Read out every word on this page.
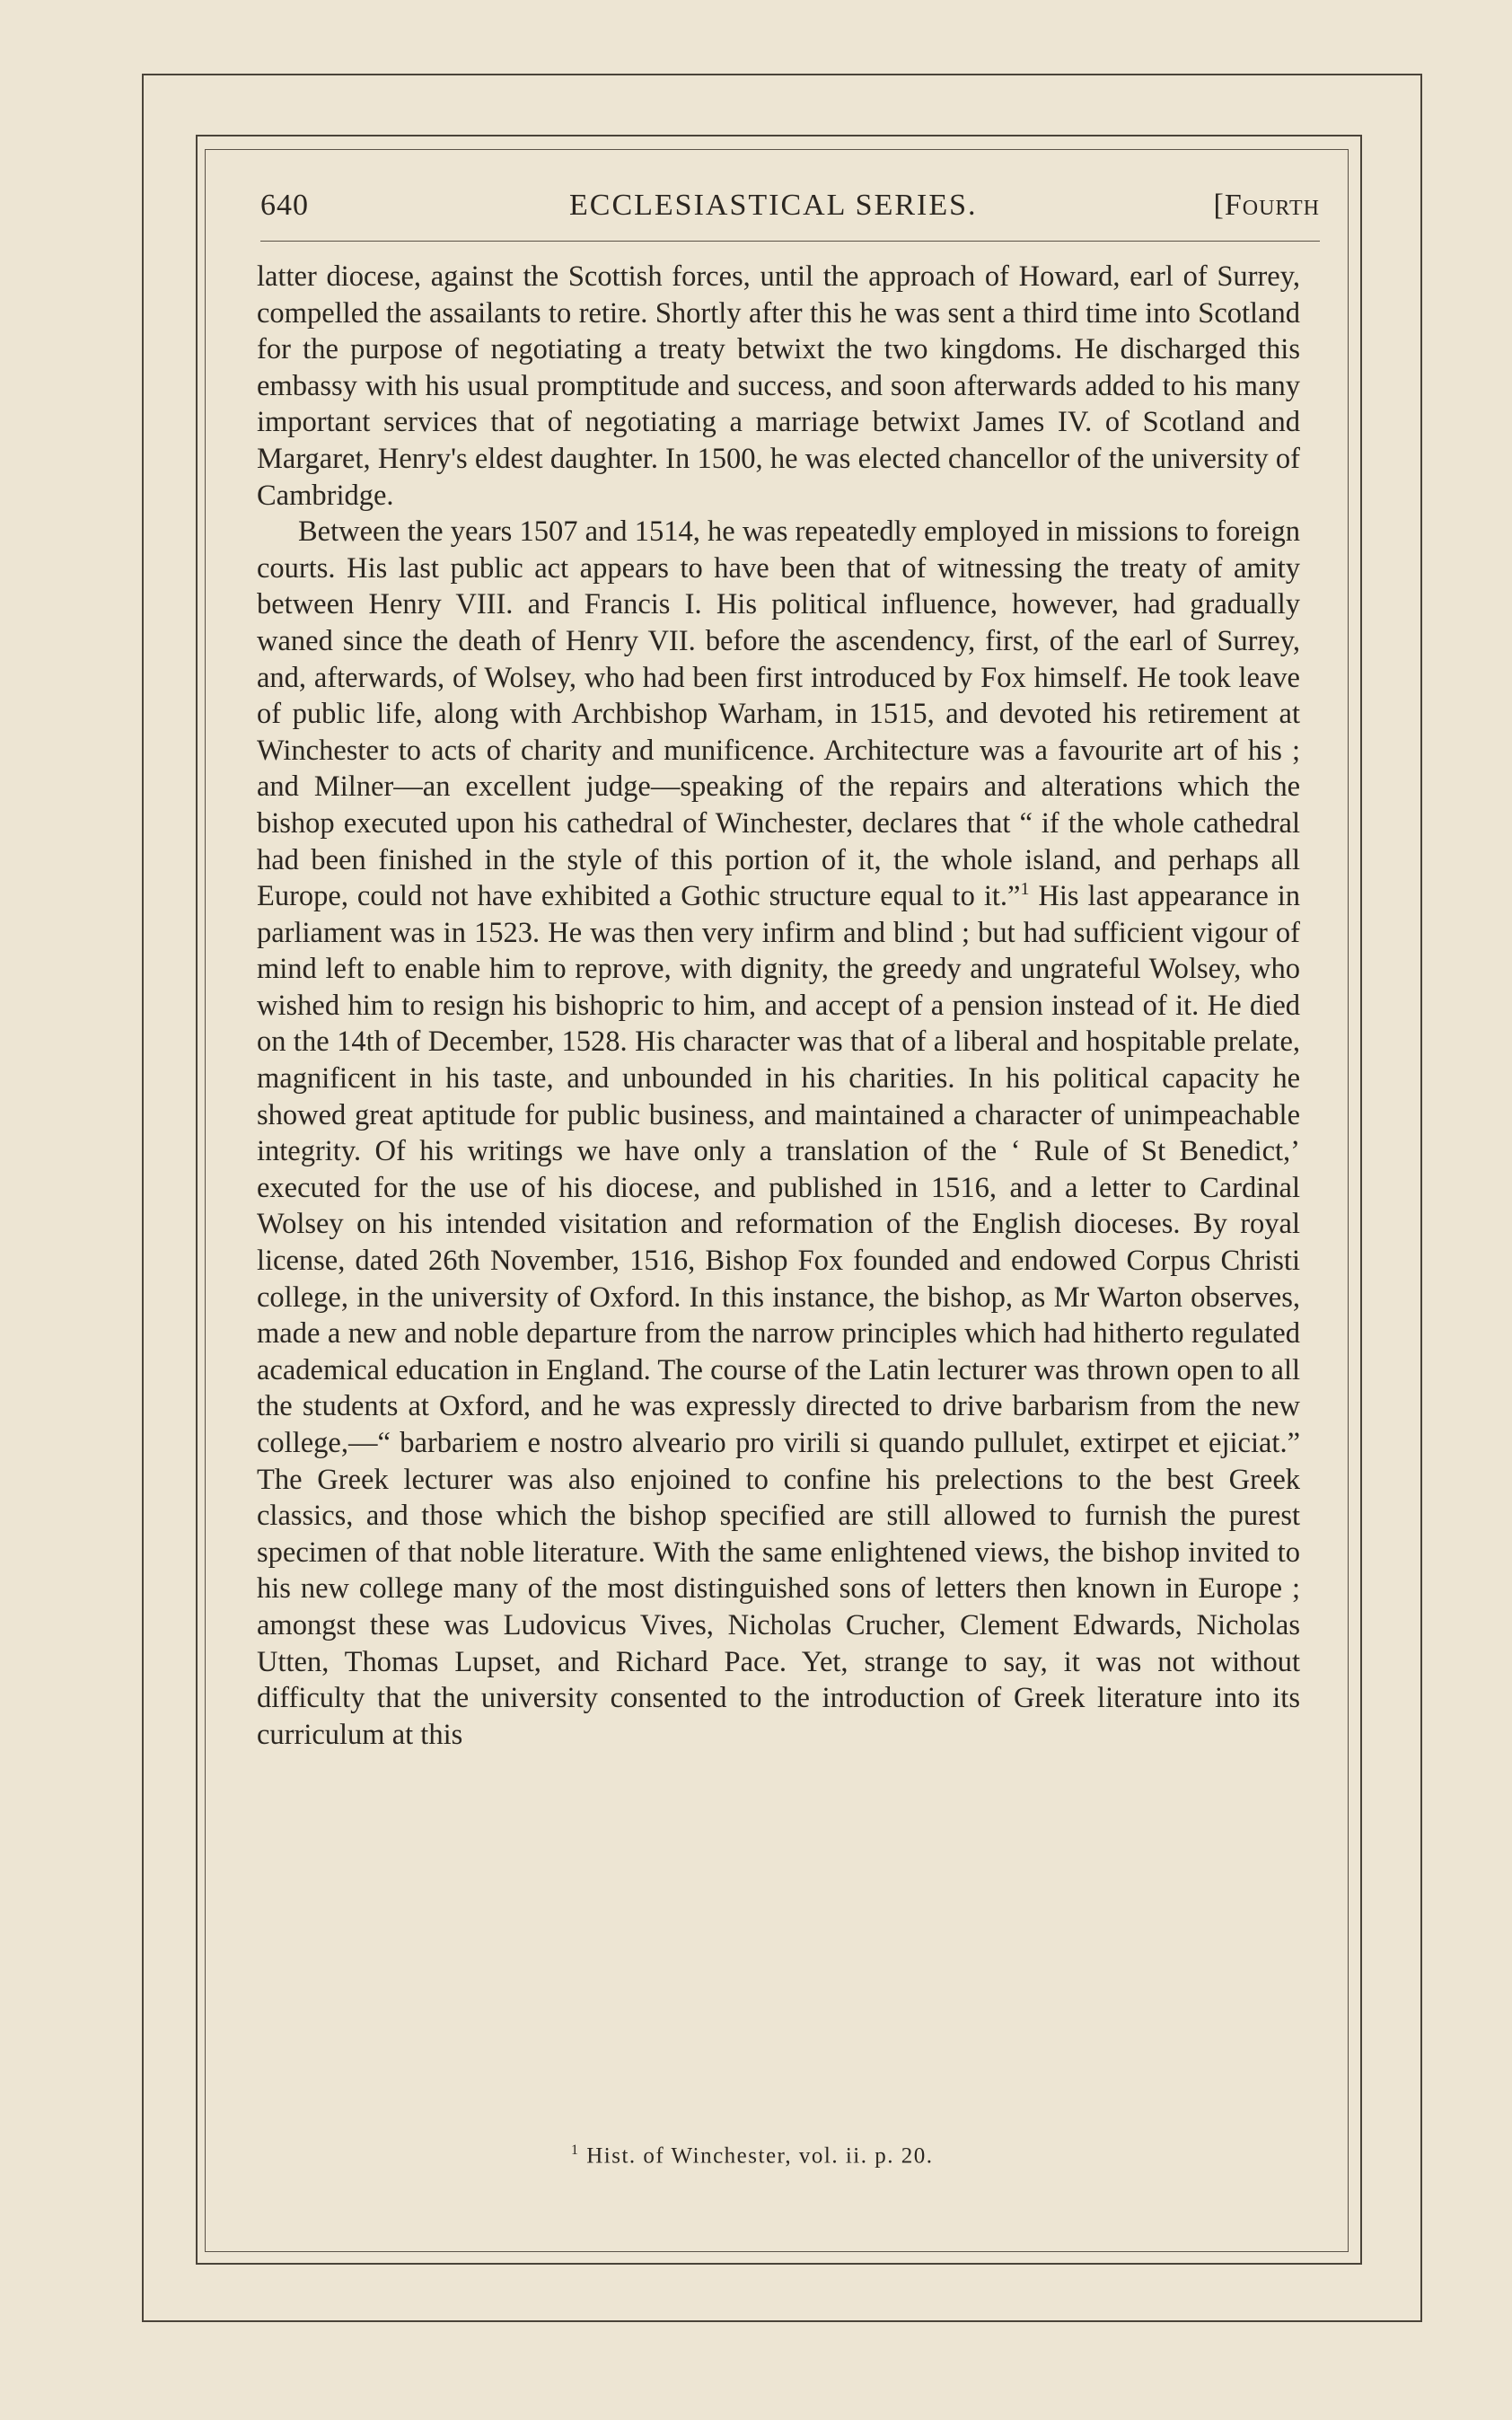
640	ECCLESIASTICAL SERIES.	[Fourth

latter diocese, against the Scottish forces, until the approach of Howard, earl of Surrey, compelled the assailants to retire. Shortly after this he was sent a third time into Scotland for the purpose of negotiating a treaty betwixt the two kingdoms. He discharged this embassy with his usual promptitude and success, and soon afterwards added to his many important services that of negotiating a marriage betwixt James IV. of Scotland and Margaret, Henry's eldest daughter. In 1500, he was elected chancellor of the university of Cambridge.

Between the years 1507 and 1514, he was repeatedly employed in missions to foreign courts. His last public act appears to have been that of witnessing the treaty of amity between Henry VIII. and Francis I. His political influence, however, had gradually waned since the death of Henry VII. before the ascendency, first, of the earl of Surrey, and, afterwards, of Wolsey, who had been first introduced by Fox himself. He took leave of public life, along with Archbishop Warham, in 1515, and devoted his retirement at Winchester to acts of charity and munificence. Architecture was a favourite art of his ; and Milner—an excellent judge—speaking of the repairs and alterations which the bishop executed upon his cathedral of Winchester, declares that “ if the whole cathedral had been finished in the style of this portion of it, the whole island, and perhaps all Europe, could not have exhibited a Gothic structure equal to it.”$^1$ His last appearance in parliament was in 1523. He was then very infirm and blind ; but had sufficient vigour of mind left to enable him to reprove, with dignity, the greedy and ungrateful Wolsey, who wished him to resign his bishopric to him, and accept of a pension instead of it. He died on the 14th of December, 1528. His character was that of a liberal and hospitable prelate, magnificent in his taste, and unbounded in his charities. In his political capacity he showed great aptitude for public business, and maintained a character of unimpeachable integrity. Of his writings we have only a translation of the ‘ Rule of St Benedict,’ executed for the use of his diocese, and published in 1516, and a letter to Cardinal Wolsey on his intended visitation and reformation of the English dioceses. By royal license, dated 26th November, 1516, Bishop Fox founded and endowed Corpus Christi college, in the university of Oxford. In this instance, the bishop, as Mr Warton observes, made a new and noble departure from the narrow principles which had hitherto regulated academical education in England. The course of the Latin lecturer was thrown open to all the students at Oxford, and he was expressly directed to drive barbarism from the new college,—“ barbariem e nostro alveario pro virili si quando pullulet, extirpet et ejiciat.” The Greek lecturer was also enjoined to confine his prelections to the best Greek classics, and those which the bishop specified are still allowed to furnish the purest specimen of that noble literature. With the same enlightened views, the bishop invited to his new college many of the most distinguished sons of letters then known in Europe ; amongst these was Ludovicus Vives, Nicholas Crucher, Clement Edwards, Nicholas Utten, Thomas Lupset, and Richard Pace. Yet, strange to say, it was not without difficulty that the university consented to the introduction of Greek literature into its curriculum at this

$^1$ Hist. of Winchester, vol. ii. p. 20.
